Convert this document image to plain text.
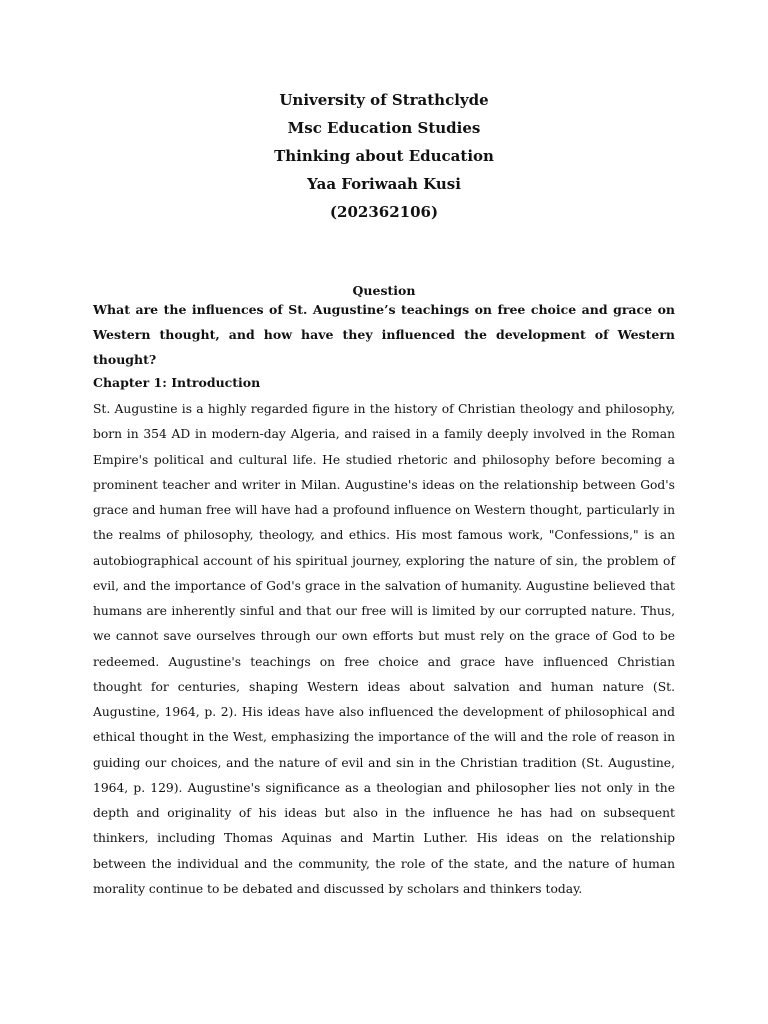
University of Strathclyde
Msc Education Studies
Thinking about Education
Yaa Foriwaah Kusi
(202362106)
Question
What are the influences of St. Augustine’s teachings on free choice and grace on Western thought, and how have they influenced the development of Western thought?
Chapter 1: Introduction

St. Augustine is a highly regarded figure in the history of Christian theology and philosophy, born in 354 AD in modern-day Algeria, and raised in a family deeply involved in the Roman Empire's political and cultural life. He studied rhetoric and philosophy before becoming a prominent teacher and writer in Milan. Augustine's ideas on the relationship between God's grace and human free will have had a profound influence on Western thought, particularly in the realms of philosophy, theology, and ethics. His most famous work, "Confessions," is an autobiographical account of his spiritual journey, exploring the nature of sin, the problem of evil, and the importance of God's grace in the salvation of humanity. Augustine believed that humans are inherently sinful and that our free will is limited by our corrupted nature. Thus, we cannot save ourselves through our own efforts but must rely on the grace of God to be redeemed. Augustine's teachings on free choice and grace have influenced Christian thought for centuries, shaping Western ideas about salvation and human nature (St. Augustine, 1964, p. 2). His ideas have also influenced the development of philosophical and ethical thought in the West, emphasizing the importance of the will and the role of reason in guiding our choices, and the nature of evil and sin in the Christian tradition (St. Augustine, 1964, p. 129). Augustine's significance as a theologian and philosopher lies not only in the depth and originality of his ideas but also in the influence he has had on subsequent thinkers, including Thomas Aquinas and Martin Luther. His ideas on the relationship between the individual and the community, the role of the state, and the nature of human morality continue to be debated and discussed by scholars and thinkers today.
